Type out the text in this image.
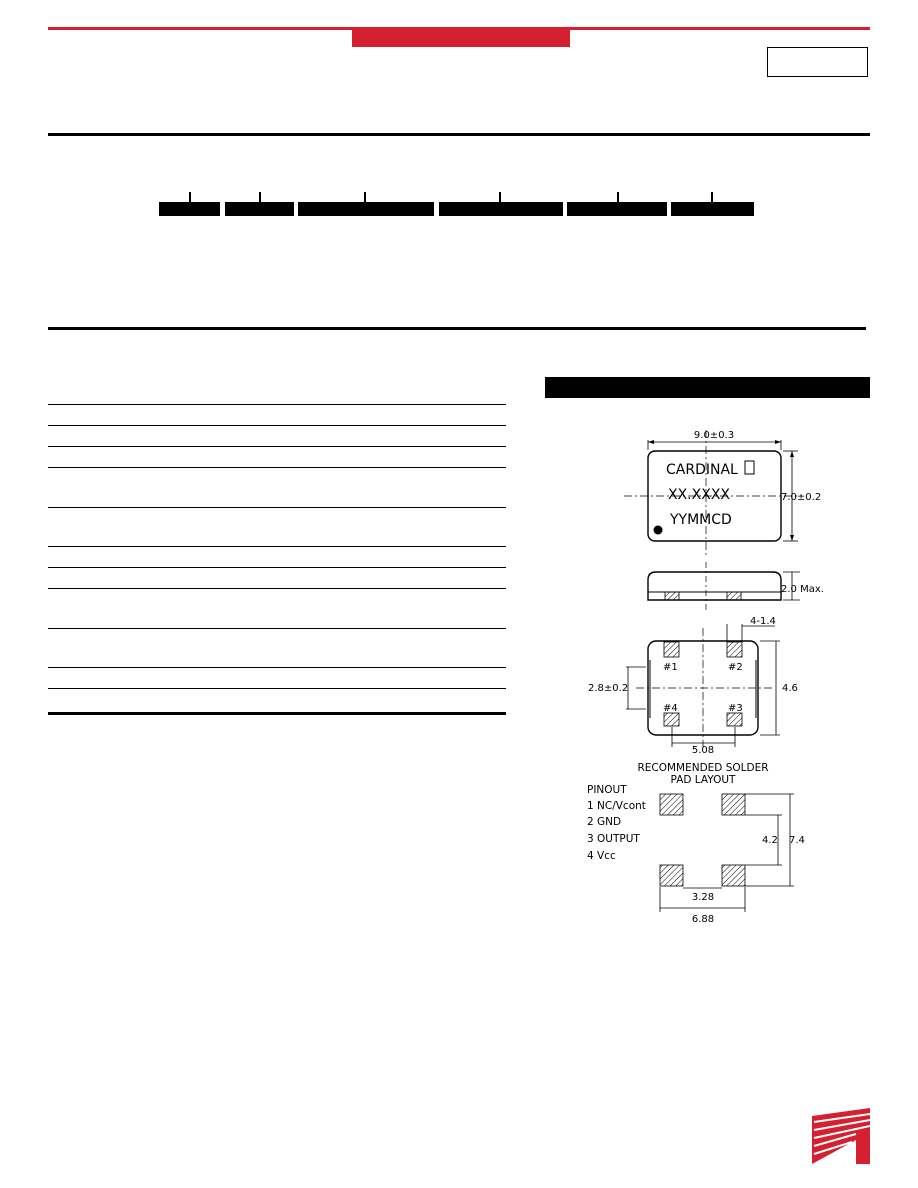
9.0±0.3
7.0±0.2
CARDINAL
XX.XXXX
YYMMCD
2.0 Max.
#1	#2
#4	#3
4-1.4
2.8±0.2	4.6
5.08
RECOMMENDED SOLDER
PAD LAYOUT
4.2 7.4
3.28
6.88
PINOUT
1 NC/Vcont
2 GND
3 OUTPUT
4 Vcc
